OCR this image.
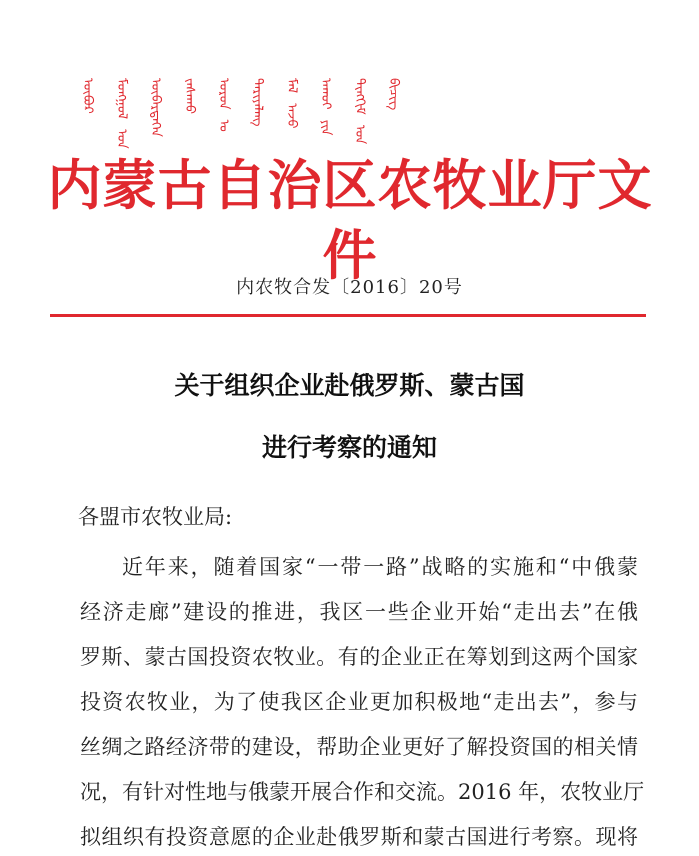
ᠦᠪᠦᠷ ᠮᠣᠩᠭᠣᠯ ᠤᠨ ᠥᠪᠡᠷᠲᠡᠭᠡᠨ ᠵᠠᠰᠠᠬᠤ ᠣᠷᠣᠨ ᠤ ᠲᠠᠷᠢᠶᠠᠯᠠᠩ ᠮᠠᠯ ᠠᠵᠤ ᠠᠬᠤᠢ ᠶᠢᠨ ᠲᠢᠩᠬᠢᠮ ᠤᠨ ᠪᠢᠴᠢᠭ
内蒙古自治区农牧业厅文件
内农牧合发〔2016〕20号
关于组织企业赴俄罗斯、蒙古国
进行考察的通知
各盟市农牧业局:
近年来，随着国家“一带一路”战略的实施和“中俄蒙
经济走廊”建设的推进，我区一些企业开始“走出去”在俄
罗斯、蒙古国投资农牧业。有的企业正在筹划到这两个国家
投资农牧业，为了使我区企业更加积极地“走出去”，参与
丝绸之路经济带的建设，帮助企业更好了解投资国的相关情
况，有针对性地与俄蒙开展合作和交流。2016 年，农牧业厅
拟组织有投资意愿的企业赴俄罗斯和蒙古国进行考察。现将
